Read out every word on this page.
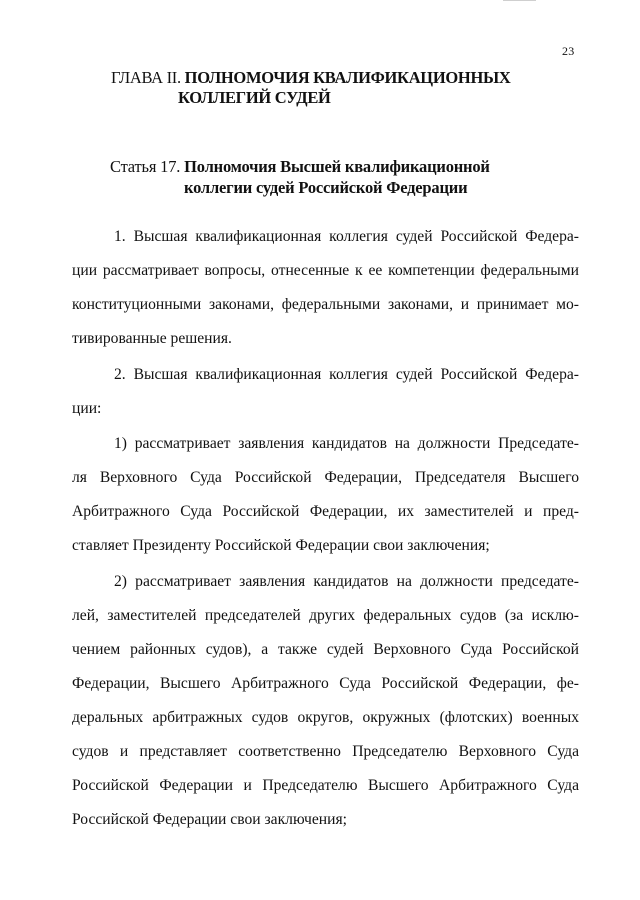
23
ГЛАВА II. ПОЛНОМОЧИЯ КВАЛИФИКАЦИОННЫХ
КОЛЛЕГИЙ СУДЕЙ
Статья 17. Полномочия Высшей квалификационной
коллегии судей Российской Федерации
1. Высшая квалификационная коллегия судей Российской Федера-
ции рассматривает вопросы, отнесенные к ее компетенции федеральными
конституционными законами, федеральными законами, и принимает мо-
тивированные решения.
2. Высшая квалификационная коллегия судей Российской Федера-
ции:
1) рассматривает заявления кандидатов на должности Председате-
ля Верховного Суда Российской Федерации, Председателя Высшего
Арбитражного Суда Российской Федерации, их заместителей и пред-
ставляет Президенту Российской Федерации свои заключения;
2) рассматривает заявления кандидатов на должности председате-
лей, заместителей председателей других федеральных судов (за исклю-
чением районных судов), а также судей Верховного Суда Российской
Федерации, Высшего Арбитражного Суда Российской Федерации, фе-
деральных арбитражных судов округов, окружных (флотских) военных
судов и представляет соответственно Председателю Верховного Суда
Российской Федерации и Председателю Высшего Арбитражного Суда
Российской Федерации свои заключения;
